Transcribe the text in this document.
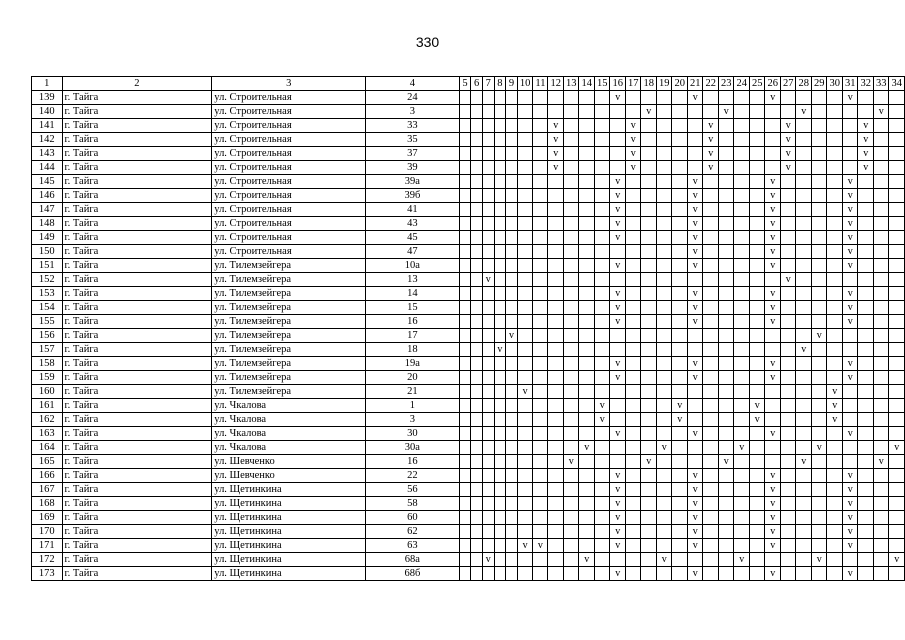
330
1	2	3	4	5	6	7	8	9	10	11	12	13	14	15	16	17	18	19	20	21	22	23	24	25	26	27	28	29	30	31	32	33	34
139	г. Тайга	ул. Строительная	24												v					v					v					v			
140	г. Тайга	ул. Строительная	3														v					v					v					v	
141	г. Тайга	ул. Строительная	33								v					v					v					v					v		
142	г. Тайга	ул. Строительная	35								v					v					v					v					v		
143	г. Тайга	ул. Строительная	37								v					v					v					v					v		
144	г. Тайга	ул. Строительная	39								v					v					v					v					v		
145	г. Тайга	ул. Строительная	39а												v					v					v					v			
146	г. Тайга	ул. Строительная	39б												v					v					v					v			
147	г. Тайга	ул. Строительная	41												v					v					v					v			
148	г. Тайга	ул. Строительная	43												v					v					v					v			
149	г. Тайга	ул. Строительная	45												v					v					v					v			
150	г. Тайга	ул. Строительная	47																	v					v					v			
151	г. Тайга	ул. Тилемзейгера	10а												v					v					v					v			
152	г. Тайга	ул. Тилемзейгера	13			v																				v							
153	г. Тайга	ул. Тилемзейгера	14												v					v					v					v			
154	г. Тайга	ул. Тилемзейгера	15												v					v					v					v			
155	г. Тайга	ул. Тилемзейгера	16												v					v					v					v			
156	г. Тайга	ул. Тилемзейгера	17					v																				v					
157	г. Тайга	ул. Тилемзейгера	18				v																				v						
158	г. Тайга	ул. Тилемзейгера	19а												v					v					v					v			
159	г. Тайга	ул. Тилемзейгера	20												v					v					v					v			
160	г. Тайга	ул. Тилемзейгера	21						v																				v				
161	г. Тайга	ул. Чкалова	1											v					v					v					v				
162	г. Тайга	ул. Чкалова	3											v					v					v					v				
163	г. Тайга	ул. Чкалова	30												v					v					v					v			
164	г. Тайга	ул. Чкалова	30а										v					v					v					v					v
165	г. Тайга	ул. Шевченко	16									v					v					v					v					v	
166	г. Тайга	ул. Шевченко	22												v					v					v					v			
167	г. Тайга	ул. Щетинкина	56												v					v					v					v			
168	г. Тайга	ул. Щетинкина	58												v					v					v					v			
169	г. Тайга	ул. Щетинкина	60												v					v					v					v			
170	г. Тайга	ул. Щетинкина	62												v					v					v					v			
171	г. Тайга	ул. Щетинкина	63						v	v					v					v					v					v			
172	г. Тайга	ул. Щетинкина	68а			v							v					v					v					v					v
173	г. Тайга	ул. Щетинкина	68б												v					v					v					v			
